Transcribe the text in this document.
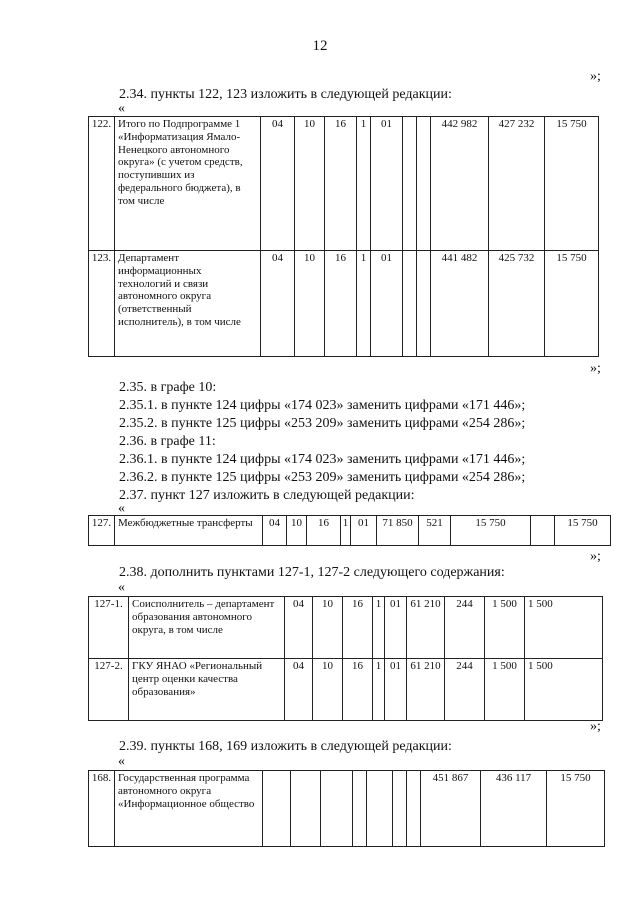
12
»;
2.34. пункты 122, 123 изложить в следующей редакции:
«
122.	Итого по Подпрограмме 1 «Информатизация Ямало-Ненецкого автономного округа» (с учетом средств, поступивших из федерального бюджета), в том числе	04	10	16	1	01			442 982	427 232	15 750
123.	Департамент информационных технологий и связи автономного округа (ответственный исполнитель), в том числе	04	10	16	1	01			441 482	425 732	15 750
»;
2.35. в графе 10:
2.35.1. в пункте 124 цифры «174 023» заменить цифрами «171 446»;
2.35.2. в пункте 125 цифры «253 209» заменить цифрами «254 286»;
2.36. в графе 11:
2.36.1. в пункте 124 цифры «174 023» заменить цифрами «171 446»;
2.36.2. в пункте 125 цифры «253 209» заменить цифрами «254 286»;
2.37. пункт 127 изложить в следующей редакции:
«
127.	Межбюджетные трансферты	04	10	16	1	01	71 850	521	15 750		15 750
»;
2.38. дополнить пунктами 127-1, 127-2 следующего содержания:
«
127-1.	Соисполнитель – департамент образования автономного округа, в том числе	04	10	16	1	01	61 210	244	1 500	1 500
127-2.	ГКУ ЯНАО «Региональный центр оценки качества образования»	04	10	16	1	01	61 210	244	1 500	1 500
»;
2.39. пункты 168, 169 изложить в следующей редакции:
«
168.	Государственная программа автономного округа «Информационное общество								451 867	436 117	15 750
